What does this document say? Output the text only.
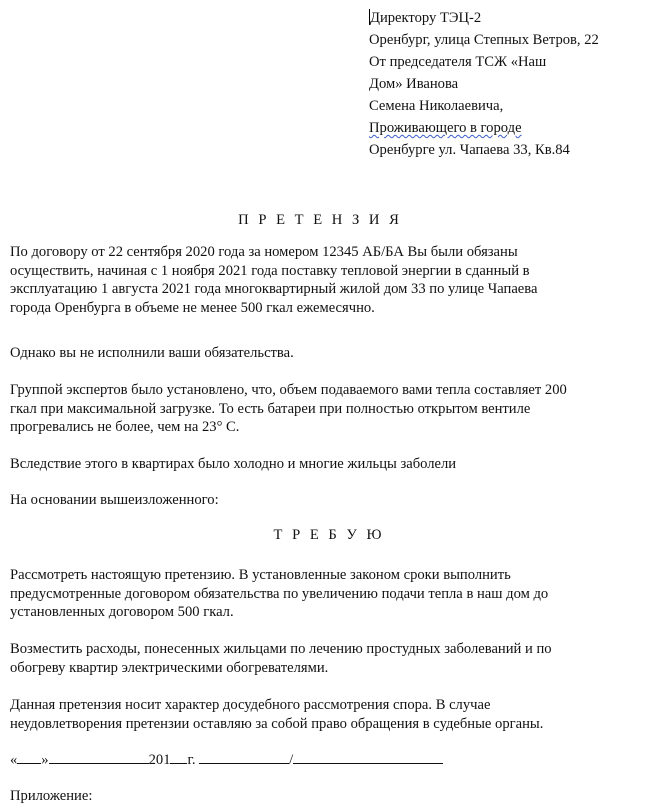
Директору ТЭЦ-2
Оренбург, улица Степных Ветров, 22
От председателя ТСЖ «Наш
Дом» Иванова
Семена Николаевича,
Проживающего в городе
Оренбурге ул. Чапаева 33, Кв.84
П Р Е Т Е Н З И Я
По договору от 22 сентября 2020 года за номером 12345 АБ/БА Вы были обязаны
осуществить, начиная с 1 ноября 2021 года поставку тепловой энергии в сданный в
эксплуатацию 1 августа 2021 года многоквартирный жилой дом 33 по улице Чапаева
города Оренбурга в объеме не менее 500 гкал ежемесячно.
Однако вы не исполнили ваши обязательства.
Группой экспертов было установлено, что, объем подаваемого вами тепла составляет 200
гкал при максимальной загрузке. То есть батареи при полностью открытом вентиле
прогревались не более, чем на 23° С.
Вследствие этого в квартирах было холодно и многие жильцы заболели
На основании вышеизложенного:
Т Р Е Б У Ю
Рассмотреть настоящую претензию. В установленные законом сроки выполнить
предусмотренные договором обязательства по увеличению подачи тепла в наш дом до
установленных договором 500 гкал.
Возместить расходы, понесенных жильцами по лечению простудных заболеваний и по
обогреву квартир электрическими обогревателями.
Данная претензия носит характер досудебного рассмотрения спора. В случае
неудовлетворения претензии оставляю за собой право обращения в судебные органы.
« »	201 г.	/
Приложение:
